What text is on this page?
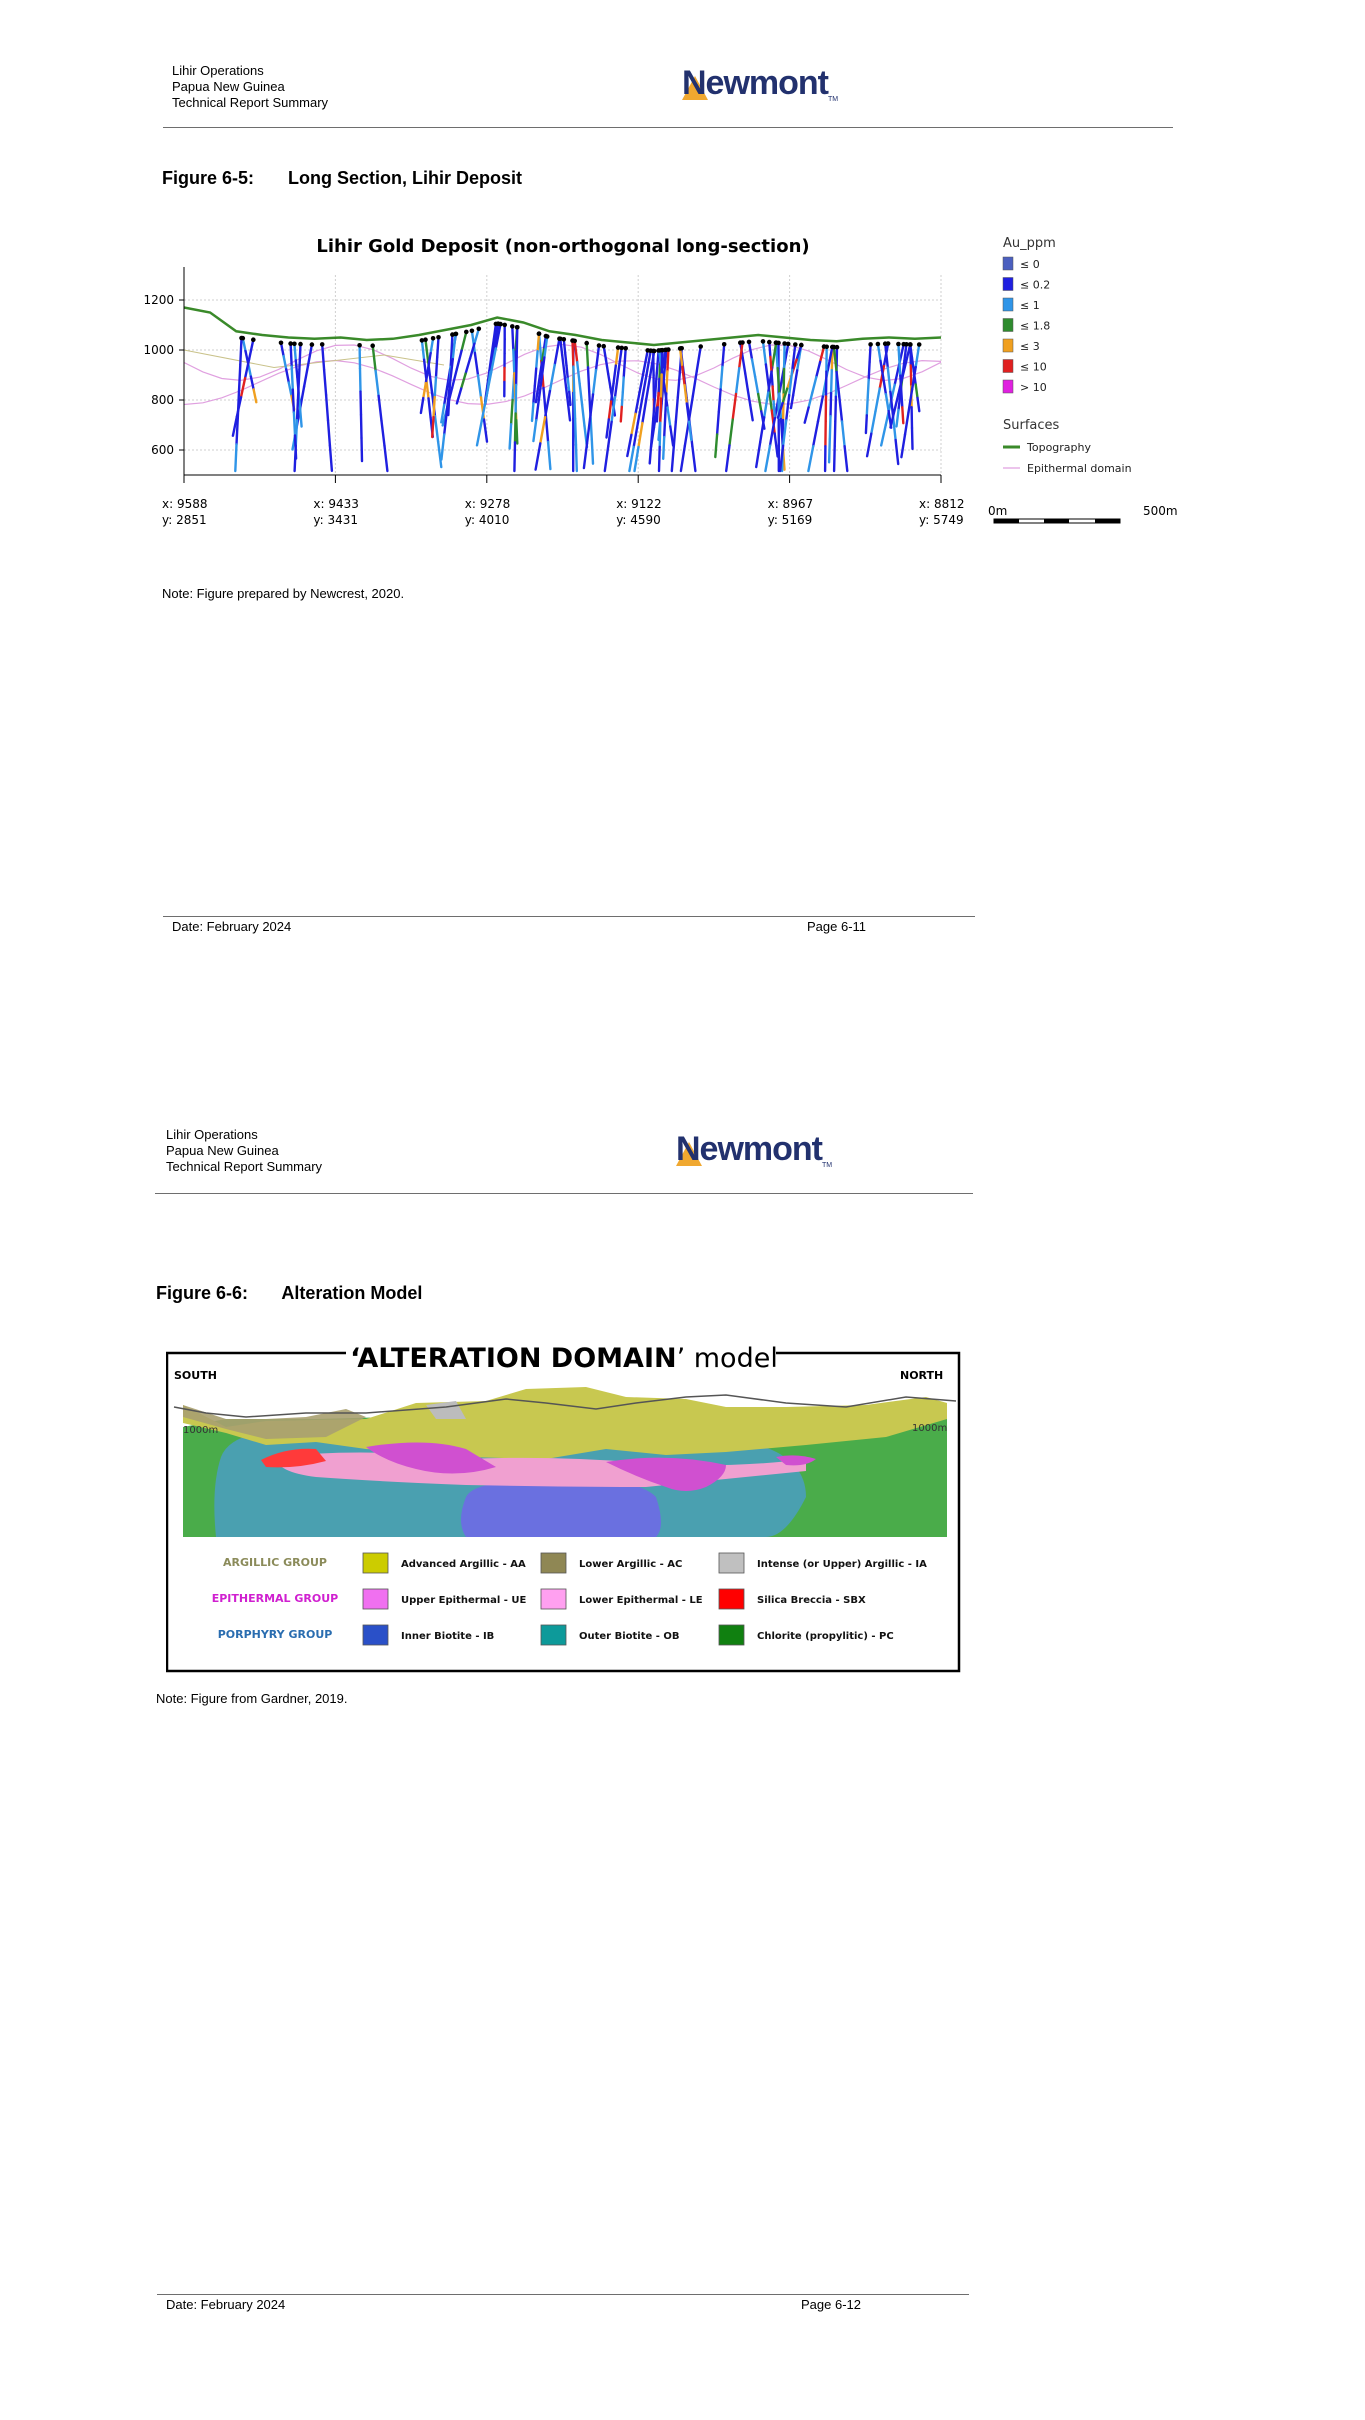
Lihir Operations
Papua New Guinea
Technical Report Summary
NewmontTM
Figure 6-5: Long Section, Lihir Deposit
Lihir Gold Deposit (non-orthogonal long-section)
1200
1000
800
600
x: 9588
y: 2851
x: 9433
y: 3431
x: 9278
y: 4010
x: 9122
y: 4590
x: 8967
y: 5169
x: 8812
y: 5749
Au_ppm
≤ 0
≤ 0.2
≤ 1
≤ 1.8
≤ 3
≤ 10
> 10
Surfaces
Topography
Epithermal domain
0m	500m
Note: Figure prepared by Newcrest, 2020.
Date: February 2024	Page 6-11
Lihir Operations
Papua New Guinea
Technical Report Summary	NewmontTM
Figure 6-6: Alteration Model
‘ALTERATION DOMAIN’ model
SOUTH	NORTH
1000m	1000m
ARGILLIC GROUP	Advanced Argillic - AA	Lower Argillic - AC	Intense (or Upper) Argillic - IA
EPITHERMAL GROUP	Upper Epithermal - UE	Lower Epithermal - LE	Silica Breccia - SBX
PORPHYRY GROUP	Inner Biotite - IB	Outer Biotite - OB	Chlorite (propylitic) - PC
Note: Figure from Gardner, 2019.
Date: February 2024	Page 6-12
